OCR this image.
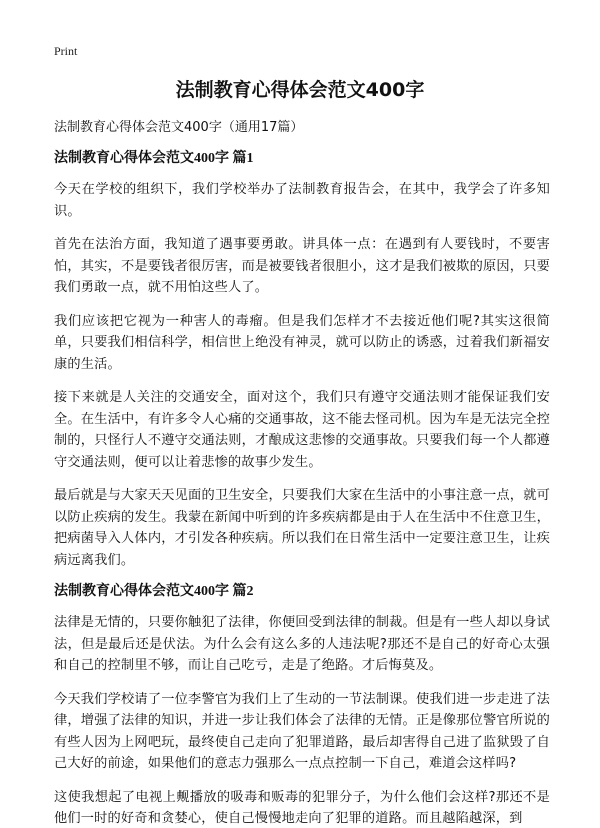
Print
法制教育心得体会范文400字
法制教育心得体会范文400字（通用17篇）
法制教育心得体会范文400字 篇1

今天在学校的组织下，我们学校举办了法制教育报告会，在其中，我学会了许多知识。

首先在法治方面，我知道了遇事要勇敢。讲具体一点：在遇到有人要钱时，不要害怕，其实，不是要钱者很厉害，而是被要钱者很胆小，这才是我们被欺的原因，只要我们勇敢一点，就不用怕这些人了。

我们应该把它视为一种害人的毒瘤。但是我们怎样才不去接近他们呢?其实这很简单，只要我们相信科学，相信世上绝没有神灵，就可以防止的诱惑，过着我们新福安康的生活。

接下来就是人关注的交通安全，面对这个，我们只有遵守交通法则才能保证我们安全。在生活中，有许多令人心痛的交通事故，这不能去怪司机。因为车是无法完全控制的，只怪行人不遵守交通法则，才酿成这悲惨的交通事故。只要我们每一个人都遵守交通法则，便可以让着悲惨的故事少发生。

最后就是与大家天天见面的卫生安全，只要我们大家在生活中的小事注意一点，就可以防止疾病的发生。我蒙在新闻中听到的许多疾病都是由于人在生活中不住意卫生，把病菌导入人体内，才引发各种疾病。所以我们在日常生活中一定要注意卫生，让疾病远离我们。

法制教育心得体会范文400字 篇2

法律是无情的，只要你触犯了法律，你便回受到法律的制裁。但是有一些人却以身试法，但是最后还是伏法。为什么会有这么多的人违法呢?那还不是自己的好奇心太强和自己的控制里不够，而让自己吃亏，走是了绝路。才后悔莫及。

今天我们学校请了一位李警官为我们上了生动的一节法制课。使我们进一步走进了法律，增强了法律的知识，并进一步让我们体会了法律的无情。正是像那位警官所说的有些人因为上网吧玩，最终使自己走向了犯罪道路，最后却害得自己进了监狱毁了自己大好的前途，如果他们的意志力强那么一点点控制一下自己，难道会这样吗?

这使我想起了电视上觍播放的吸毒和贩毒的犯罪分子，为什么他们会这样?那还不是他们一时的好奇和贪婪心，使自己慢慢地走向了犯罪的道路。而且越陷越深，到
